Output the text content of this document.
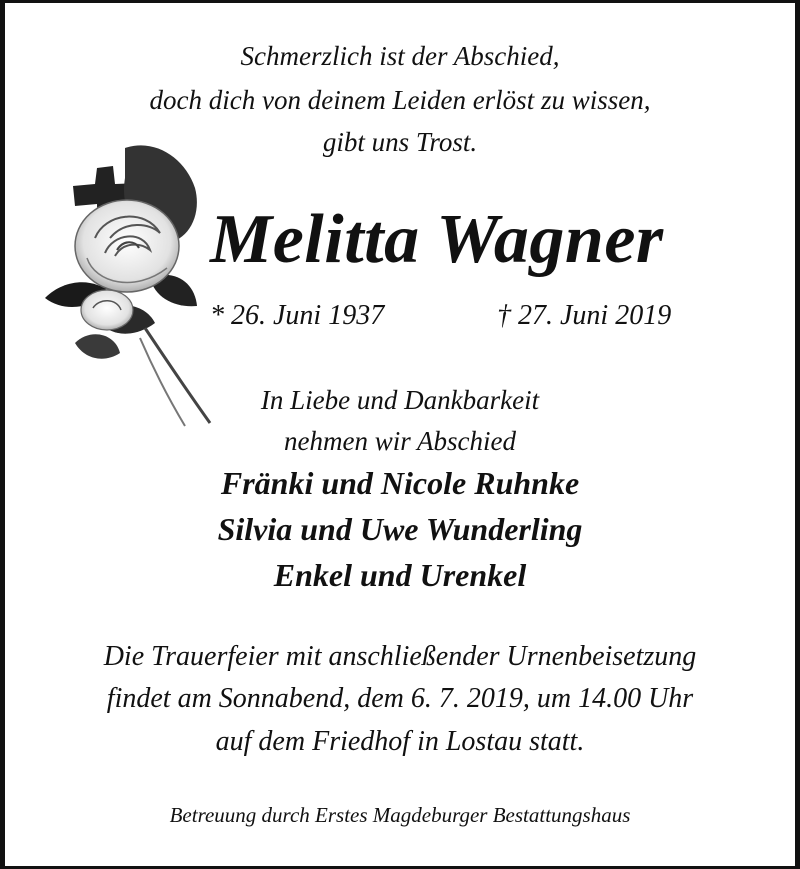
Schmerzlich ist der Abschied,
doch dich von deinem Leiden erlöst zu wissen,
gibt uns Trost.
Melitta Wagner
* 26. Juni 1937	† 27. Juni 2019
In Liebe und Dankbarkeit
nehmen wir Abschied
Fränki und Nicole Ruhnke
Silvia und Uwe Wunderling
Enkel und Urenkel
Die Trauerfeier mit anschließender Urnenbeisetzung
findet am Sonnabend, dem 6. 7. 2019, um 14.00 Uhr
auf dem Friedhof in Lostau statt.
Betreuung durch Erstes Magdeburger Bestattungshaus
